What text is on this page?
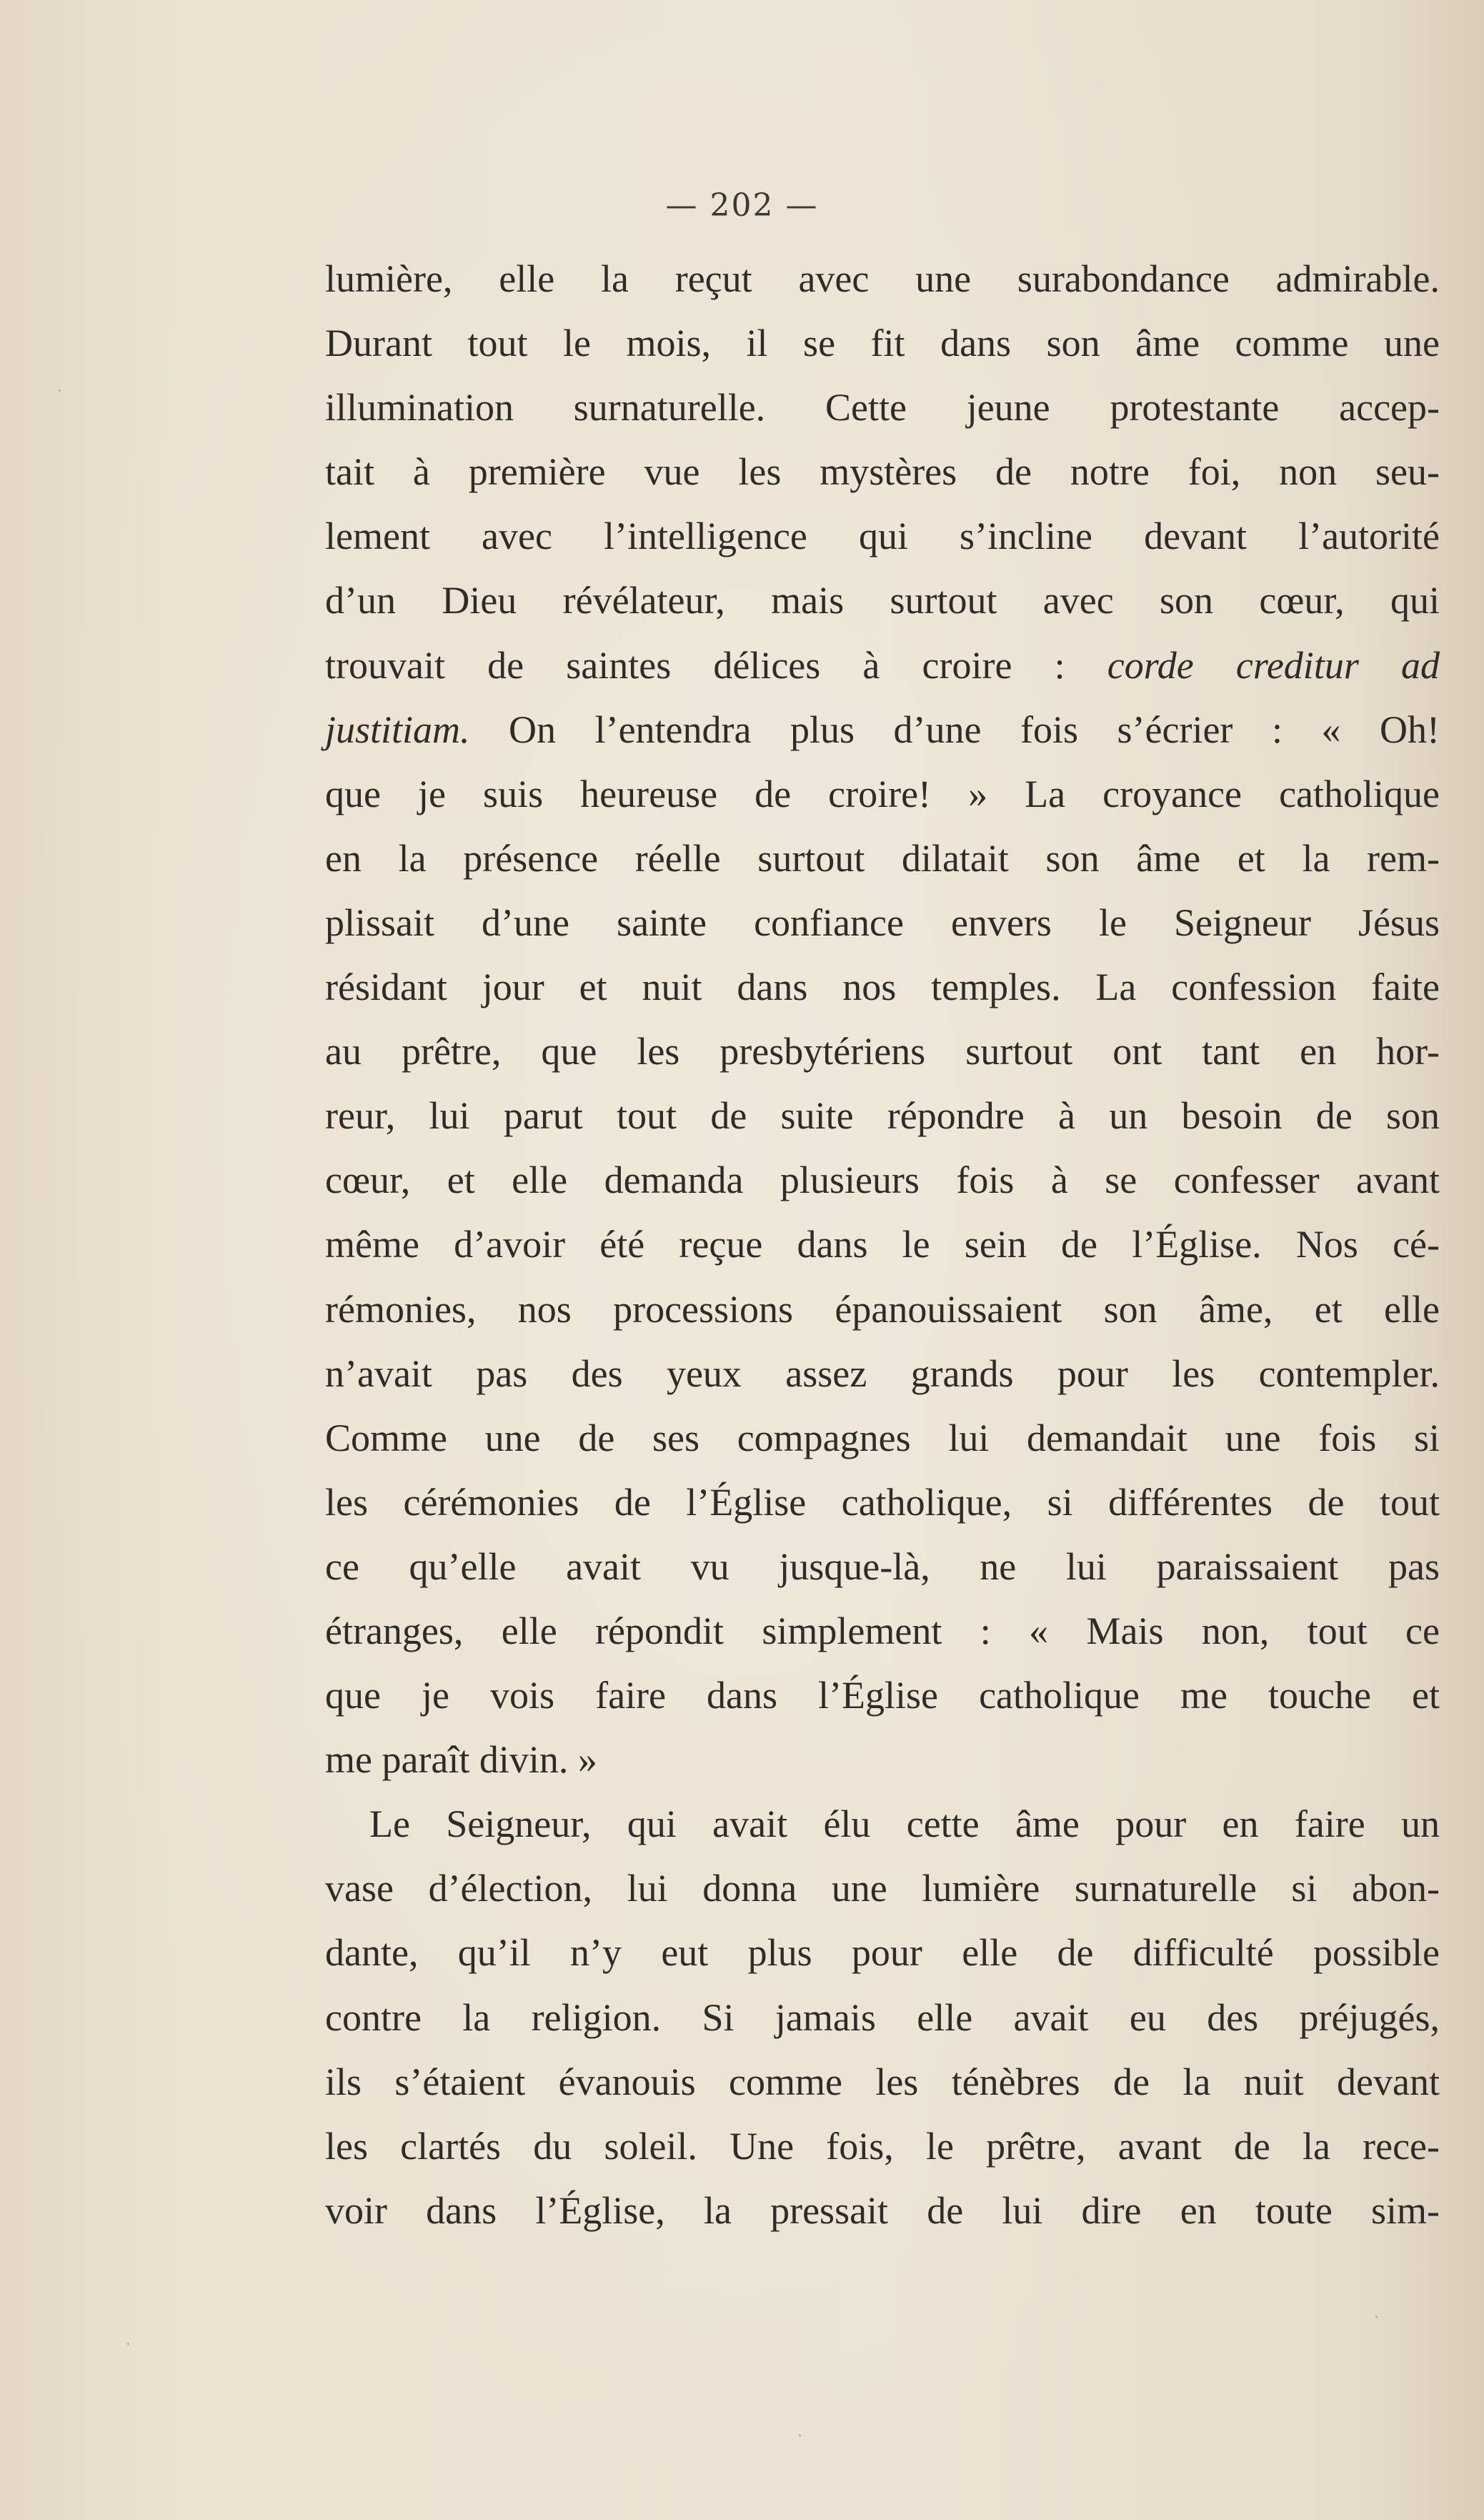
— 202 —
lumière, elle la reçut avec une surabondance admirable.
Durant tout le mois, il se fit dans son âme comme une
illumination surnaturelle. Cette jeune protestante accep-
tait à première vue les mystères de notre foi, non seu-
lement avec l’intelligence qui s’incline devant l’autorité
d’un Dieu révélateur, mais surtout avec son cœur, qui
trouvait de saintes délices à croire : corde creditur ad
justitiam. On l’entendra plus d’une fois s’écrier : « Oh!
que je suis heureuse de croire! » La croyance catholique
en la présence réelle surtout dilatait son âme et la rem-
plissait d’une sainte confiance envers le Seigneur Jésus
résidant jour et nuit dans nos temples. La confession faite
au prêtre, que les presbytériens surtout ont tant en hor-
reur, lui parut tout de suite répondre à un besoin de son
cœur, et elle demanda plusieurs fois à se confesser avant
même d’avoir été reçue dans le sein de l’Église. Nos cé-
rémonies, nos processions épanouissaient son âme, et elle
n’avait pas des yeux assez grands pour les contempler.
Comme une de ses compagnes lui demandait une fois si
les cérémonies de l’Église catholique, si différentes de tout
ce qu’elle avait vu jusque-là, ne lui paraissaient pas
étranges, elle répondit simplement : « Mais non, tout ce
que je vois faire dans l’Église catholique me touche et
me paraît divin. »
Le Seigneur, qui avait élu cette âme pour en faire un
vase d’élection, lui donna une lumière surnaturelle si abon-
dante, qu’il n’y eut plus pour elle de difficulté possible
contre la religion. Si jamais elle avait eu des préjugés,
ils s’étaient évanouis comme les ténèbres de la nuit devant
les clartés du soleil. Une fois, le prêtre, avant de la rece-
voir dans l’Église, la pressait de lui dire en toute sim-
